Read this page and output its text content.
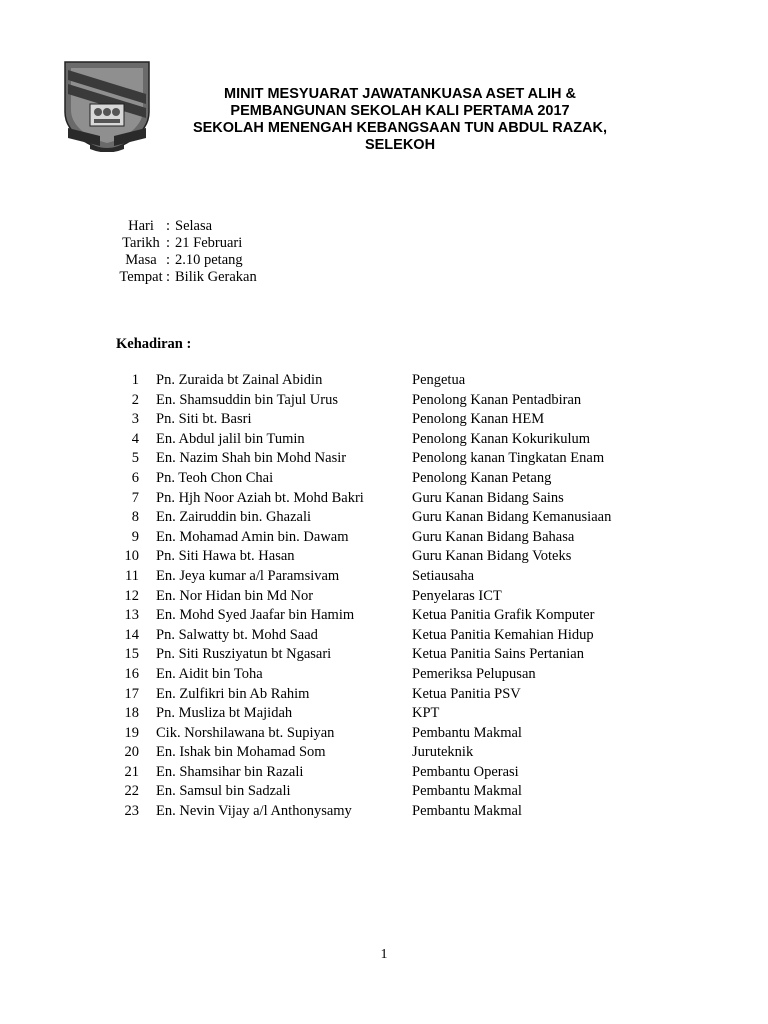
MINIT MESYUARAT JAWATANKUASA ASET ALIH &
PEMBANGUNAN SEKOLAH KALI PERTAMA 2017
SEKOLAH MENENGAH KEBANGSAAN TUN ABDUL RAZAK,
SELEKOH
Hari : Selasa
Tarikh : 21 Februari
Masa : 2.10 petang
Tempat : Bilik Gerakan
Kehadiran :
1 Pn. Zuraida bt Zainal Abidin	Pengetua
2 En. Shamsuddin bin Tajul Urus	Penolong Kanan Pentadbiran
3 Pn. Siti bt. Basri	Penolong Kanan HEM
4 En. Abdul jalil bin Tumin	Penolong Kanan Kokurikulum
5 En. Nazim Shah bin Mohd Nasir	Penolong kanan Tingkatan Enam
6 Pn. Teoh Chon Chai	Penolong Kanan Petang
7 Pn. Hjh Noor Aziah bt. Mohd Bakri	Guru Kanan Bidang Sains
8 En. Zairuddin bin. Ghazali	Guru Kanan Bidang Kemanusiaan
9 En. Mohamad Amin bin. Dawam	Guru Kanan Bidang Bahasa
10 Pn. Siti Hawa bt. Hasan	Guru Kanan Bidang Voteks
11 En. Jeya kumar a/l Paramsivam	Setiausaha
12 En. Nor Hidan bin Md Nor	Penyelaras ICT
13 En. Mohd Syed Jaafar bin Hamim	Ketua Panitia Grafik Komputer
14 Pn. Salwatty bt. Mohd Saad	Ketua Panitia Kemahian Hidup
15 Pn. Siti Rusziyatun bt Ngasari	Ketua Panitia Sains Pertanian
16 En. Aidit bin Toha	Pemeriksa Pelupusan
17 En. Zulfikri bin Ab Rahim	Ketua Panitia PSV
18 Pn. Musliza bt Majidah	KPT
19 Cik. Norshilawana bt. Supiyan	Pembantu Makmal
20 En. Ishak bin Mohamad Som	Juruteknik
21 En. Shamsihar bin Razali	Pembantu Operasi
22 En. Samsul bin Sadzali	Pembantu Makmal
23 En. Nevin Vijay a/l Anthonysamy	Pembantu Makmal
1
